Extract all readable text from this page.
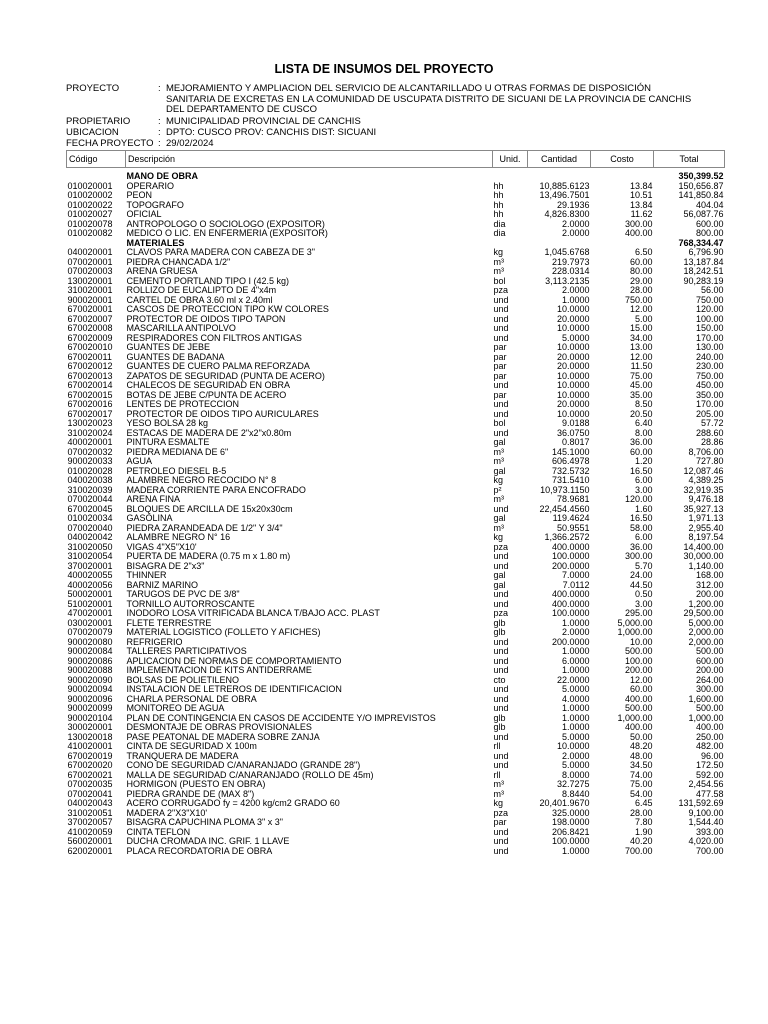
LISTA DE INSUMOS DEL PROYECTO
PROYECTO	: MEJORAMIENTO Y AMPLIACION DEL SERVICIO DE ALCANTARILLADO U OTRAS FORMAS DE DISPOSICIÓN SANITARIA DE EXCRETAS EN LA COMUNIDAD DE USCUPATA DISTRITO DE SICUANI DE LA PROVINCIA DE CANCHIS DEL DEPARTAMENTO DE CUSCO
PROPIETARIO	: MUNICIPALIDAD PROVINCIAL DE CANCHIS
UBICACION	: DPTO: CUSCO PROV: CANCHIS DIST: SICUANI
FECHA PROYECTO : 29/02/2024
Código	Descripción	Unid.	Cantidad	Costo	Total

	MANO DE OBRA				350,399.52
010020001	OPERARIO	hh	10,885.6123	13.84	150,656.87
010020002	PEON	hh	13,496.7501	10.51	141,850.84
010020022	TOPOGRAFO	hh	29.1936	13.84	404.04
010020027	OFICIAL	hh	4,826.8300	11.62	56,087.76
010020078	ANTROPOLOGO O SOCIOLOGO (EXPOSITOR)	dia	2.0000	300.00	600.00
010020082	MEDICO O LIC. EN ENFERMERIA (EXPOSITOR)	dia	2.0000	400.00	800.00
	MATERIALES				768,334.47
040020001	CLAVOS PARA MADERA CON CABEZA DE 3"	kg	1,045.6768	6.50	6,796.90
070020001	PIEDRA CHANCADA 1/2"	m³	219.7973	60.00	13,187.84
070020003	ARENA GRUESA	m³	228.0314	80.00	18,242.51
130020001	CEMENTO PORTLAND TIPO I (42.5 kg)	bol	3,113.2135	29.00	90,283.19
310020001	ROLLIZO DE EUCALIPTO DE 4"x4m	pza	2.0000	28.00	56.00
900020001	CARTEL DE OBRA 3.60 ml x 2.40ml	und	1.0000	750.00	750.00
670020001	CASCOS DE PROTECCION TIPO KW COLORES	und	10.0000	12.00	120.00
670020007	PROTECTOR DE OIDOS TIPO TAPON	und	20.0000	5.00	100.00
670020008	MASCARILLA ANTIPOLVO	und	10.0000	15.00	150.00
670020009	RESPIRADORES CON FILTROS ANTIGAS	und	5.0000	34.00	170.00
670020010	GUANTES DE JEBE	par	10.0000	13.00	130.00
670020011	GUANTES DE BADANA	par	20.0000	12.00	240.00
670020012	GUANTES DE CUERO PALMA REFORZADA	par	20.0000	11.50	230.00
670020013	ZAPATOS DE SEGURIDAD (PUNTA DE ACERO)	par	10.0000	75.00	750.00
670020014	CHALECOS DE SEGURIDAD EN OBRA	und	10.0000	45.00	450.00
670020015	BOTAS DE JEBE C/PUNTA DE ACERO	par	10.0000	35.00	350.00
670020016	LENTES DE PROTECCION	und	20.0000	8.50	170.00
670020017	PROTECTOR DE OIDOS TIPO AURICULARES	und	10.0000	20.50	205.00
130020023	YESO BOLSA 28 kg	bol	9.0188	6.40	57.72
310020024	ESTACAS DE MADERA DE 2"x2"x0.80m	und	36.0750	8.00	288.60
400020001	PINTURA ESMALTE	gal	0.8017	36.00	28.86
070020032	PIEDRA MEDIANA DE 6"	m³	145.1000	60.00	8,706.00
900020033	AGUA	m³	606.4978	1.20	727.80
010020028	PETROLEO DIESEL B-5	gal	732.5732	16.50	12,087.46
040020038	ALAMBRE NEGRO RECOCIDO N° 8	kg	731.5410	6.00	4,389.25
310020039	MADERA CORRIENTE PARA ENCOFRADO	p²	10,973.1150	3.00	32,919.35
070020044	ARENA FINA	m³	78.9681	120.00	9,476.18
670020045	BLOQUES DE ARCILLA DE 15x20x30cm	und	22,454.4560	1.60	35,927.13
010020034	GASOLINA	gal	119.4624	16.50	1,971.13
070020040	PIEDRA ZARANDEADA DE 1/2" Y 3/4"	m³	50.9551	58.00	2,955.40
040020042	ALAMBRE NEGRO N° 16	kg	1,366.2572	6.00	8,197.54
310020050	VIGAS 4"X5"X10'	pza	400.0000	36.00	14,400.00
310020054	PUERTA DE MADERA (0.75 m x 1.80 m)	und	100.0000	300.00	30,000.00
370020001	BISAGRA DE 2"x3"	und	200.0000	5.70	1,140.00
400020055	THINNER	gal	7.0000	24.00	168.00
400020056	BARNIZ MARINO	gal	7.0112	44.50	312.00
500020001	TARUGOS DE PVC DE 3/8"	und	400.0000	0.50	200.00
510020001	TORNILLO AUTORROSCANTE	und	400.0000	3.00	1,200.00
470020001	INODORO LOSA VITRIFICADA BLANCA T/BAJO ACC. PLAST	pza	100.0000	295.00	29,500.00
030020001	FLETE TERRESTRE	glb	1.0000	5,000.00	5,000.00
070020079	MATERIAL LOGISTICO (FOLLETO Y AFICHES)	glb	2.0000	1,000.00	2,000.00
900020080	REFRIGERIO	und	200.0000	10.00	2,000.00
900020084	TALLERES PARTICIPATIVOS	und	1.0000	500.00	500.00
900020086	APLICACION DE NORMAS DE COMPORTAMIENTO	und	6.0000	100.00	600.00
900020088	IMPLEMENTACION DE KITS ANTIDERRAME	und	1.0000	200.00	200.00
900020090	BOLSAS DE POLIETILENO	cto	22.0000	12.00	264.00
900020094	INSTALACION DE LETREROS DE IDENTIFICACION	und	5.0000	60.00	300.00
900020096	CHARLA PERSONAL DE OBRA	und	4.0000	400.00	1,600.00
900020099	MONITOREO DE AGUA	und	1.0000	500.00	500.00
900020104	PLAN DE CONTINGENCIA EN CASOS DE ACCIDENTE Y/O IMPREVISTOS	glb	1.0000	1,000.00	1,000.00
300020001	DESMONTAJE DE OBRAS PROVISIONALES	glb	1.0000	400.00	400.00
130020018	PASE PEATONAL DE MADERA SOBRE ZANJA	und	5.0000	50.00	250.00
410020001	CINTA DE SEGURIDAD X 100m	rll	10.0000	48.20	482.00
670020019	TRANQUERA DE MADERA	und	2.0000	48.00	96.00
670020020	CONO DE SEGURIDAD C/ANARANJADO (GRANDE 28")	und	5.0000	34.50	172.50
670020021	MALLA DE SEGURIDAD C/ANARANJADO (ROLLO DE 45m)	rll	8.0000	74.00	592.00
070020035	HORMIGON (PUESTO EN OBRA)	m³	32.7275	75.00	2,454.56
070020041	PIEDRA GRANDE DE (MAX 8")	m³	8.8440	54.00	477.58
040020043	ACERO CORRUGADO fy = 4200 kg/cm2 GRADO 60	kg	20,401.9670	6.45	131,592.69
310020051	MADERA 2"X3"X10'	pza	325.0000	28.00	9,100.00
370020057	BISAGRA CAPUCHINA PLOMA 3" x 3"	par	198.0000	7.80	1,544.40
410020059	CINTA TEFLON	und	206.8421	1.90	393.00
560020001	DUCHA CROMADA INC. GRIF. 1 LLAVE	und	100.0000	40.20	4,020.00
620020001	PLACA RECORDATORIA DE OBRA	und	1.0000	700.00	700.00
